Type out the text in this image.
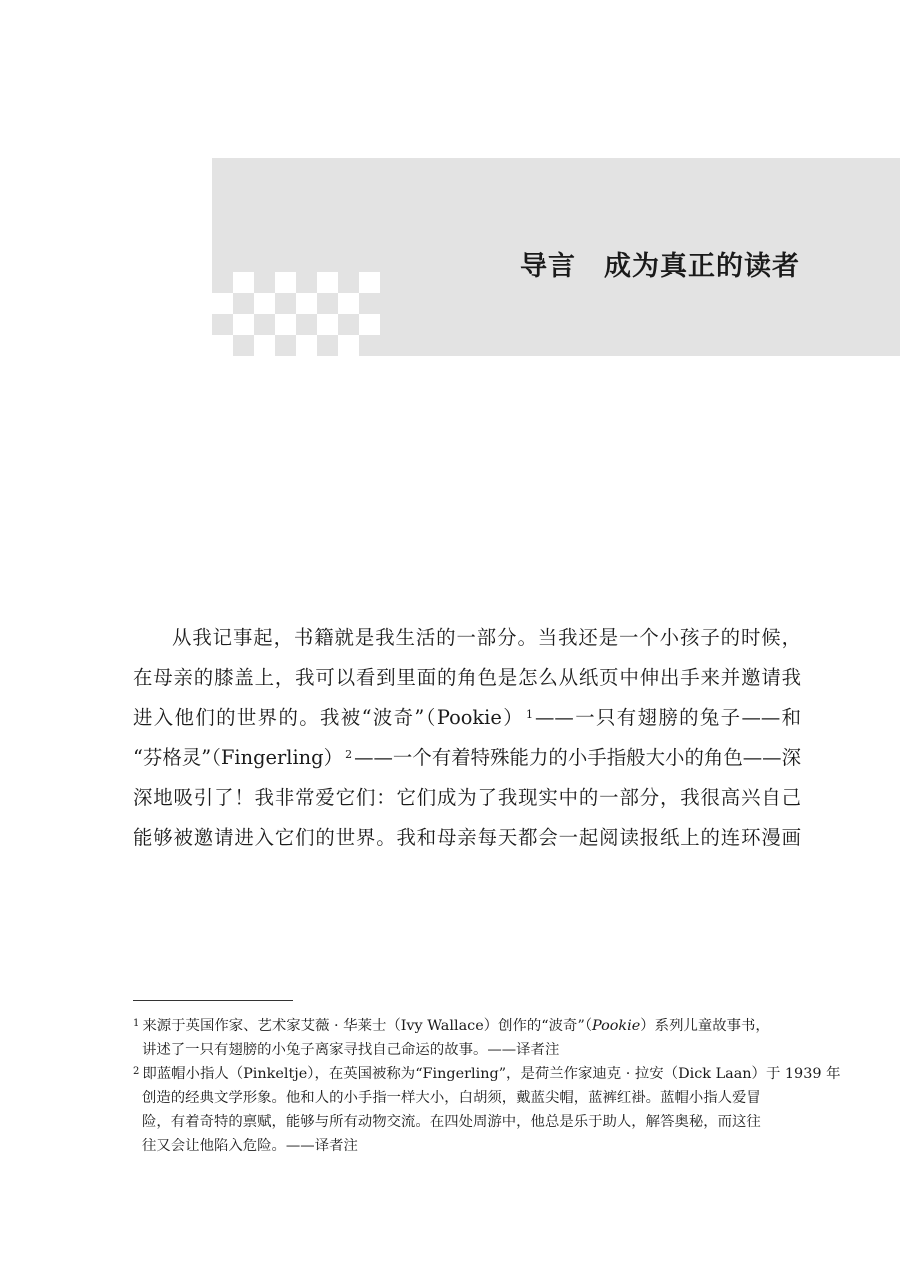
导言 成为真正的读者
从我记事起，书籍就是我生活的一部分。当我还是一个小孩子的时候，
在母亲的膝盖上，我可以看到里面的角色是怎么从纸页中伸出手来并邀请我
进入他们的世界的。我被“波奇”（Pookie） $^1$ ——一只有翅膀的兔子——和
“芬格灵”（Fingerling） $^2$ ——一个有着特殊能力的小手指般大小的角色——深
深地吸引了！我非常爱它们：它们成为了我现实中的一部分，我很高兴自己
能够被邀请进入它们的世界。我和母亲每天都会一起阅读报纸上的连环漫画
$^1$ 来源于英国作家、艺术家艾薇 · 华莱士（Ivy Wallace）创作的“波奇”（Pookie）系列儿童故事书，
讲述了一只有翅膀的小兔子离家寻找自己命运的故事。——译者注
$^2$ 即蓝帽小指人（Pinkeltje），在英国被称为“Fingerling”，是荷兰作家迪克 · 拉安（Dick Laan）于 1939 年
创造的经典文学形象。他和人的小手指一样大小，白胡须，戴蓝尖帽，蓝裤红褂。蓝帽小指人爱冒
险，有着奇特的禀赋，能够与所有动物交流。在四处周游中，他总是乐于助人，解答奥秘，而这往
往又会让他陷入危险。——译者注
